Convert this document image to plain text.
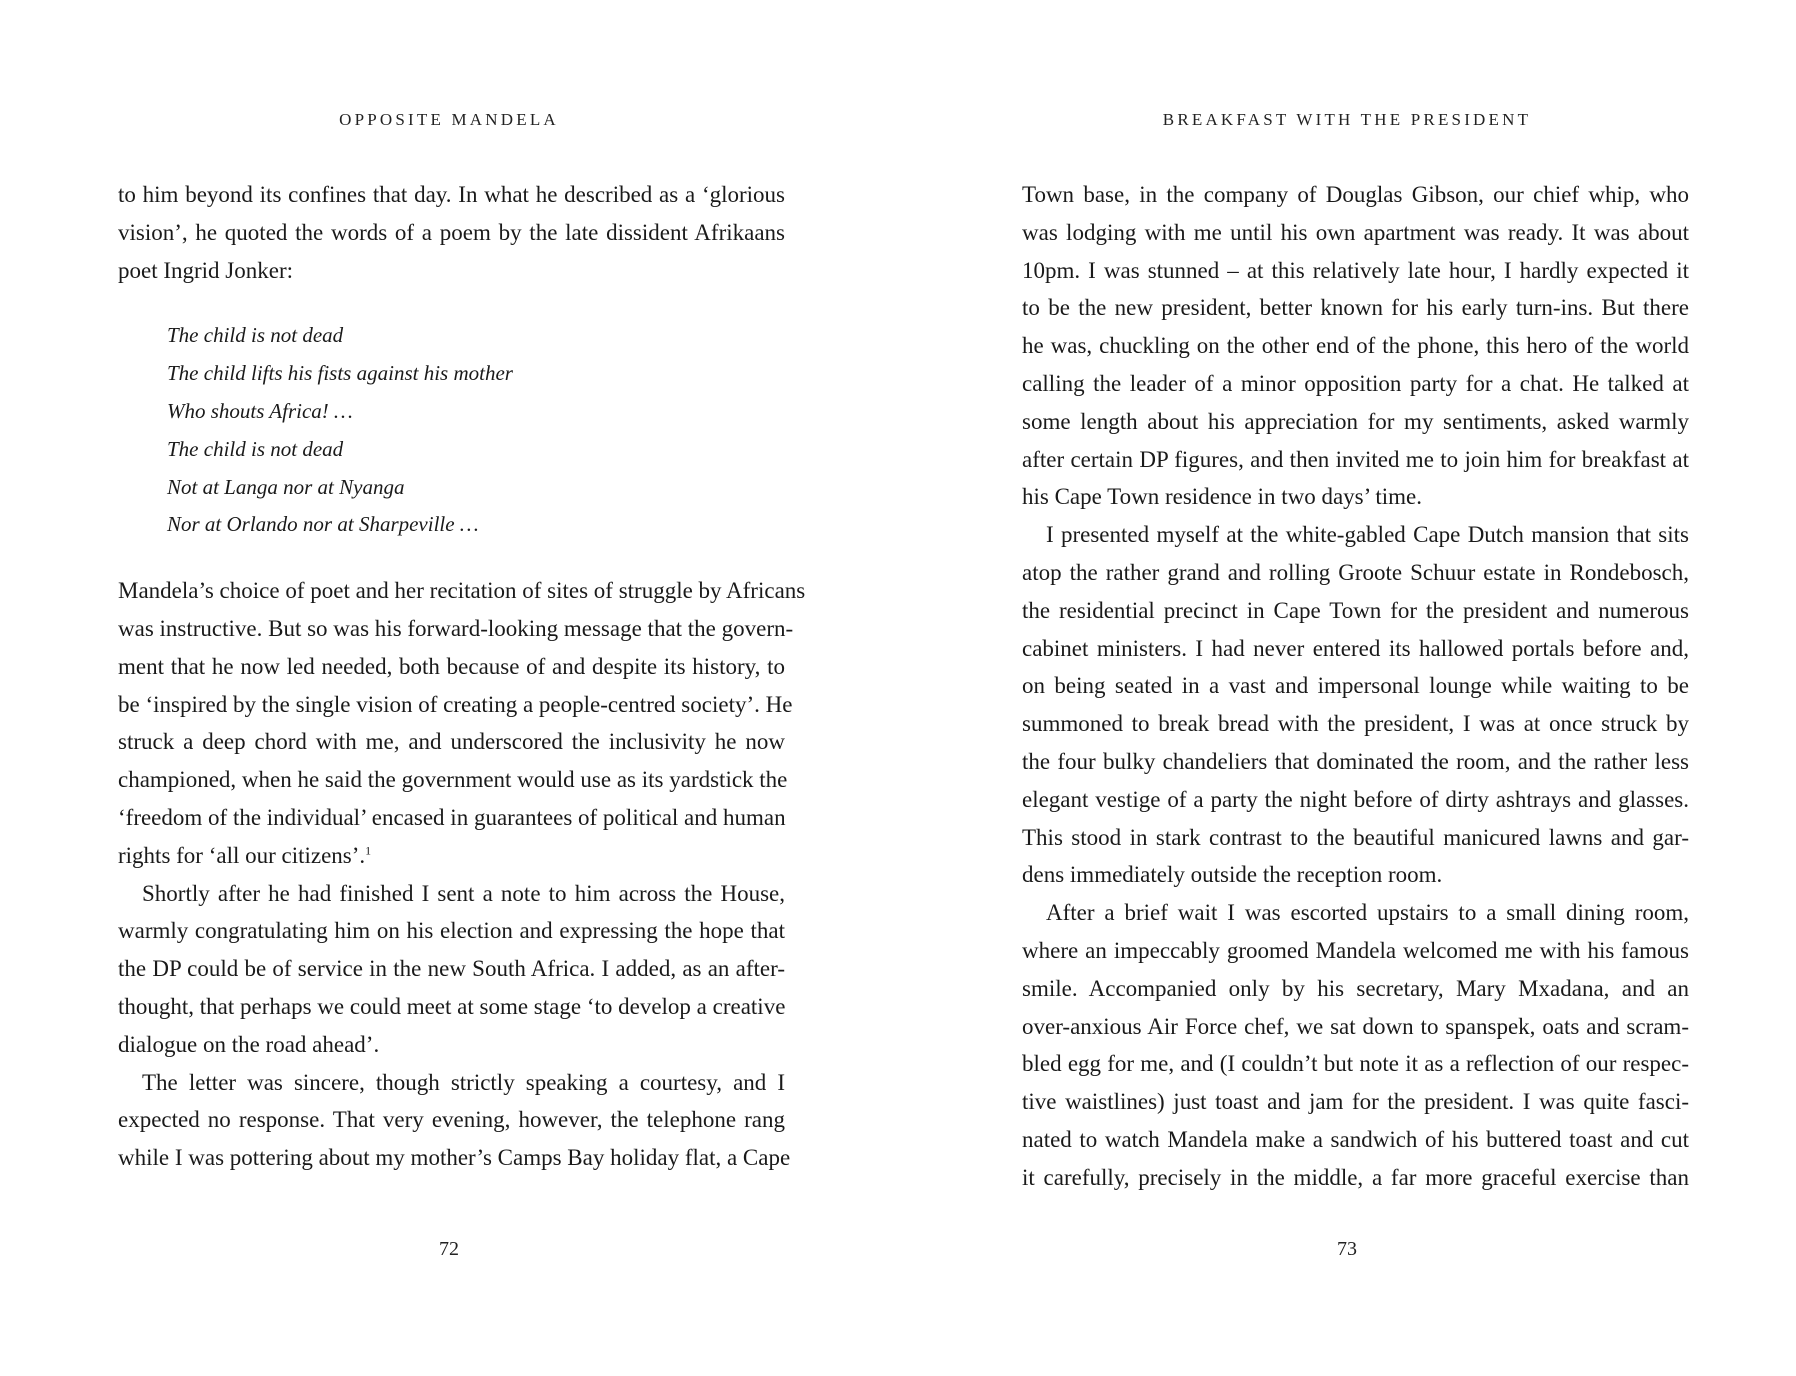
OPPOSITE MANDELA

to him beyond its confines that day. In what he described as a ‘glorious
vision’, he quoted the words of a poem by the late dissident Afrikaans
poet Ingrid Jonker:

The child is not dead
The child lifts his fists against his mother
Who shouts Africa! …
The child is not dead
Not at Langa nor at Nyanga
Nor at Orlando nor at Sharpeville …

Mandela’s choice of poet and her recitation of sites of struggle by Africans
was instructive. But so was his forward-looking message that the govern-
ment that he now led needed, both because of and despite its history, to
be ‘inspired by the single vision of creating a people-centred society’. He
struck a deep chord with me, and underscored the inclusivity he now
championed, when he said the government would use as its yardstick the
‘freedom of the individual’ encased in guarantees of political and human
rights for ‘all our citizens’.$^1$

Shortly after he had finished I sent a note to him across the House,
warmly congratulating him on his election and expressing the hope that
the DP could be of service in the new South Africa. I added, as an after-
thought, that perhaps we could meet at some stage ‘to develop a creative
dialogue on the road ahead’.

The letter was sincere, though strictly speaking a courtesy, and I
expected no response. That very evening, however, the telephone rang
while I was pottering about my mother’s Camps Bay holiday flat, a Cape

72
BREAKFAST WITH THE PRESIDENT

Town base, in the company of Douglas Gibson, our chief whip, who
was lodging with me until his own apartment was ready. It was about
10pm. I was stunned – at this relatively late hour, I hardly expected it
to be the new president, better known for his early turn-ins. But there
he was, chuckling on the other end of the phone, this hero of the world
calling the leader of a minor opposition party for a chat. He talked at
some length about his appreciation for my sentiments, asked warmly
after certain DP figures, and then invited me to join him for breakfast at
his Cape Town residence in two days’ time.

I presented myself at the white-gabled Cape Dutch mansion that sits
atop the rather grand and rolling Groote Schuur estate in Rondebosch,
the residential precinct in Cape Town for the president and numerous
cabinet ministers. I had never entered its hallowed portals before and,
on being seated in a vast and impersonal lounge while waiting to be
summoned to break bread with the president, I was at once struck by
the four bulky chandeliers that dominated the room, and the rather less
elegant vestige of a party the night before of dirty ashtrays and glasses.
This stood in stark contrast to the beautiful manicured lawns and gar-
dens immediately outside the reception room.

After a brief wait I was escorted upstairs to a small dining room,
where an impeccably groomed Mandela welcomed me with his famous
smile. Accompanied only by his secretary, Mary Mxadana, and an
over-anxious Air Force chef, we sat down to spanspek, oats and scram-
bled egg for me, and (I couldn’t but note it as a reflection of our respec-
tive waistlines) just toast and jam for the president. I was quite fasci-
nated to watch Mandela make a sandwich of his buttered toast and cut
it carefully, precisely in the middle, a far more graceful exercise than

73
